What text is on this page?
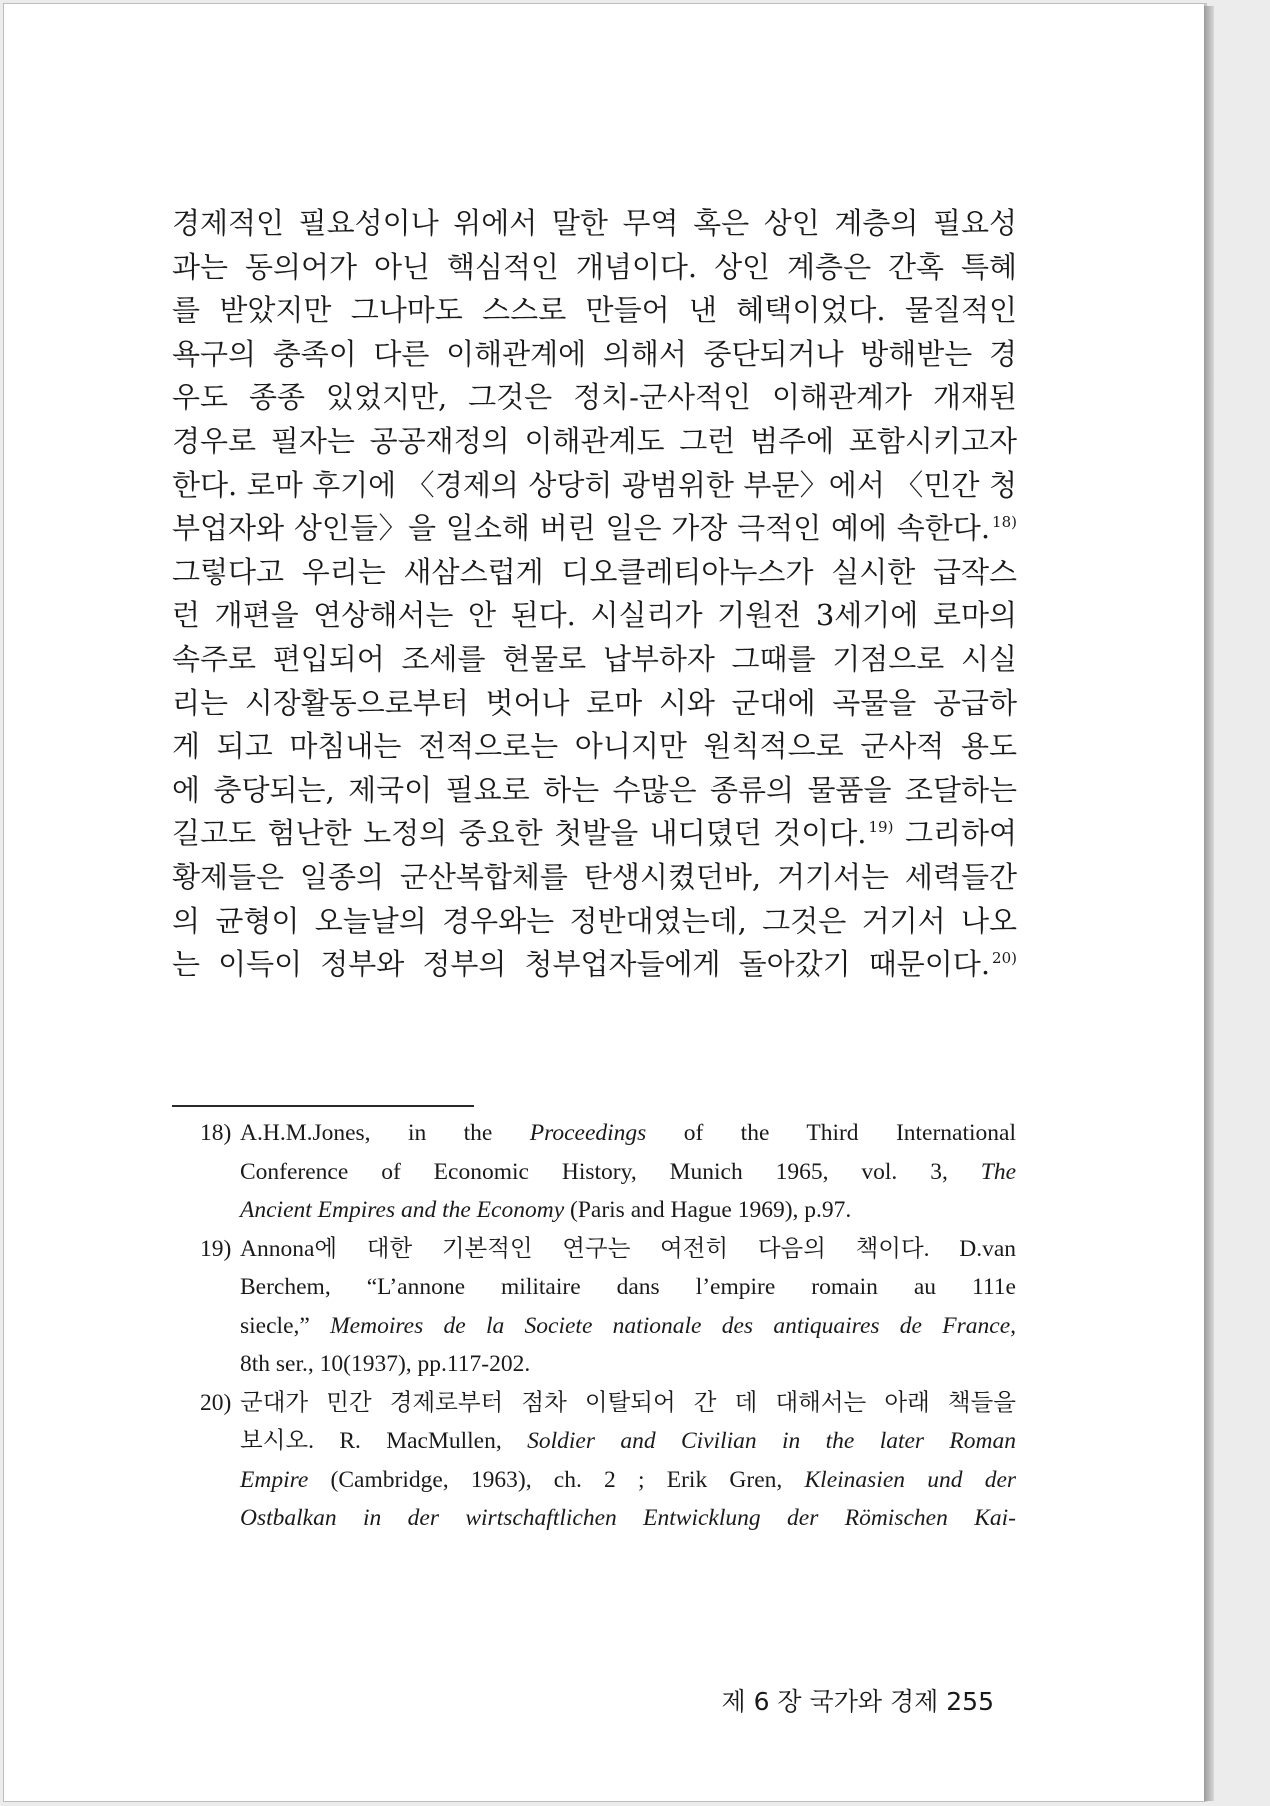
경제적인 필요성이나 위에서 말한 무역 혹은 상인 계층의 필요성
과는 동의어가 아닌 핵심적인 개념이다. 상인 계층은 간혹 특혜
를 받았지만 그나마도 스스로 만들어 낸 혜택이었다. 물질적인
욕구의 충족이 다른 이해관계에 의해서 중단되거나 방해받는 경
우도 종종 있었지만, 그것은 정치-군사적인 이해관계가 개재된
경우로 필자는 공공재정의 이해관계도 그런 범주에 포함시키고자
한다. 로마 후기에 〈경제의 상당히 광범위한 부문〉에서 〈민간 청
부업자와 상인들〉을 일소해 버린 일은 가장 극적인 예에 속한다. $^{18)}$
그렇다고 우리는 새삼스럽게 디오클레티아누스가 실시한 급작스
런 개편을 연상해서는 안 된다. 시실리가 기원전 3세기에 로마의
속주로 편입되어 조세를 현물로 납부하자 그때를 기점으로 시실
리는 시장활동으로부터 벗어나 로마 시와 군대에 곡물을 공급하
게 되고 마침내는 전적으로는 아니지만 원칙적으로 군사적 용도
에 충당되는, 제국이 필요로 하는 수많은 종류의 물품을 조달하는
길고도 험난한 노정의 중요한 첫발을 내디뎠던 것이다. $^{19)}$ 그리하여
황제들은 일종의 군산복합체를 탄생시켰던바, 거기서는 세력들간
의 균형이 오늘날의 경우와는 정반대였는데, 그것은 거기서 나오
는 이득이 정부와 정부의 청부업자들에게 돌아갔기 때문이다. $^{20)}$
18) A.H.M.Jones, in the Proceedings of the Third International
Conference of Economic History, Munich 1965, vol. 3, The
Ancient Empires and the Economy (Paris and Hague 1969), p.97.
19) Annona에 대한 기본적인 연구는 여전히 다음의 책이다. D.van
Berchem, “L’annone militaire dans l’empire romain au 111e
siecle,” Memoires de la Societe nationale des antiquaires de France,
8th ser., 10(1937), pp.117-202.
20) 군대가 민간 경제로부터 점차 이탈되어 간 데 대해서는 아래 책들을
보시오. R. MacMullen, Soldier and Civilian in the later Roman
Empire (Cambridge, 1963), ch. 2 ; Erik Gren, Kleinasien und der
Ostbalkan in der wirtschaftlichen Entwicklung der Römischen Kai-
제 6 장 국가와 경제 255
